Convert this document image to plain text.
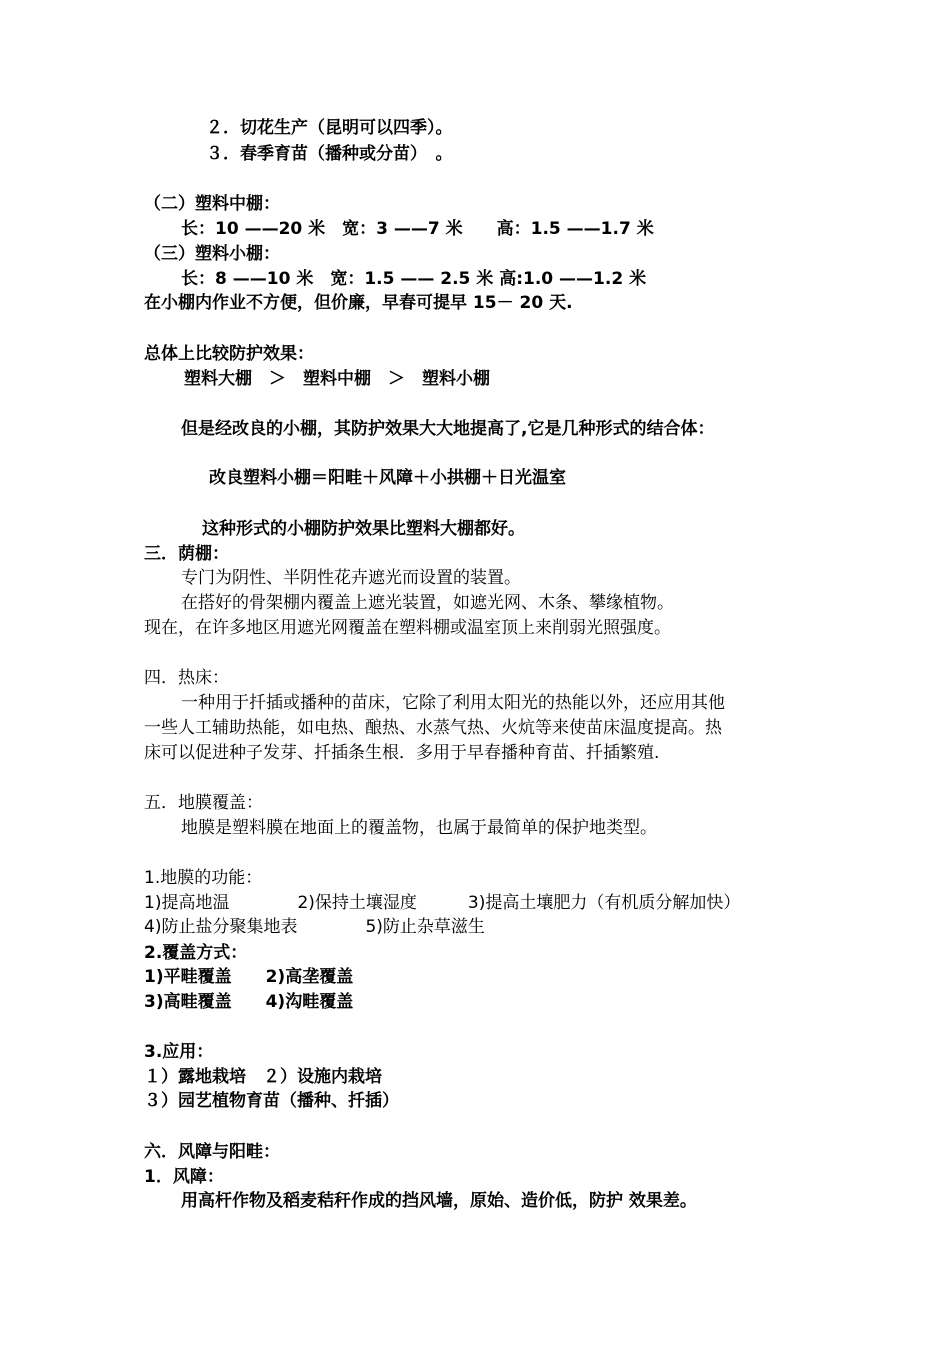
２．切花生产（昆明可以四季）。
３．春季育苗（播种或分苗）　。
（二）塑料中棚：
长：10 ——20 米　宽：3 ——7 米　　高：1.5 ——1.7 米
（三）塑料小棚：
长：8 ——10 米　宽：1.5 —— 2.5 米 高:1.0 ——1.2 米
在小棚内作业不方便，但价廉，早春可提早 15－ 20 天.
总体上比较防护效果：
塑料大棚　＞　塑料中棚　＞　塑料小棚
但是经改良的小棚，其防护效果大大地提高了,它是几种形式的结合体：
改良塑料小棚＝阳畦＋风障＋小拱棚＋日光温室
这种形式的小棚防护效果比塑料大棚都好。
三．荫棚：
专门为阴性、半阴性花卉遮光而设置的装置。
在搭好的骨架棚内覆盖上遮光装置，如遮光网、木条、攀缘植物。
现在，在许多地区用遮光网覆盖在塑料棚或温室顶上来削弱光照强度。
四．热床：
一种用于扦插或播种的苗床，它除了利用太阳光的热能以外，还应用其他
一些人工辅助热能，如电热、酿热、水蒸气热、火炕等来使苗床温度提高。热
床可以促进种子发芽、扦插条生根．多用于早春播种育苗、扦插繁殖.
五．地膜覆盖：
地膜是塑料膜在地面上的覆盖物，也属于最简单的保护地类型。
1.地膜的功能：
1)提高地温　　　　2)保持土壤湿度　　　3)提高土壤肥力（有机质分解加快）
4)防止盐分聚集地表　　　　5)防止杂草滋生
2.覆盖方式：
1)平畦覆盖　　2)高垄覆盖
3)高畦覆盖　　4)沟畦覆盖
3.应用：
１）露地栽培　２）设施内栽培
３）园艺植物育苗（播种、扦插）
六．风障与阳畦：
1．风障：
用高杆作物及稻麦秸秆作成的挡风墙，原始、造价低，防护 效果差。
